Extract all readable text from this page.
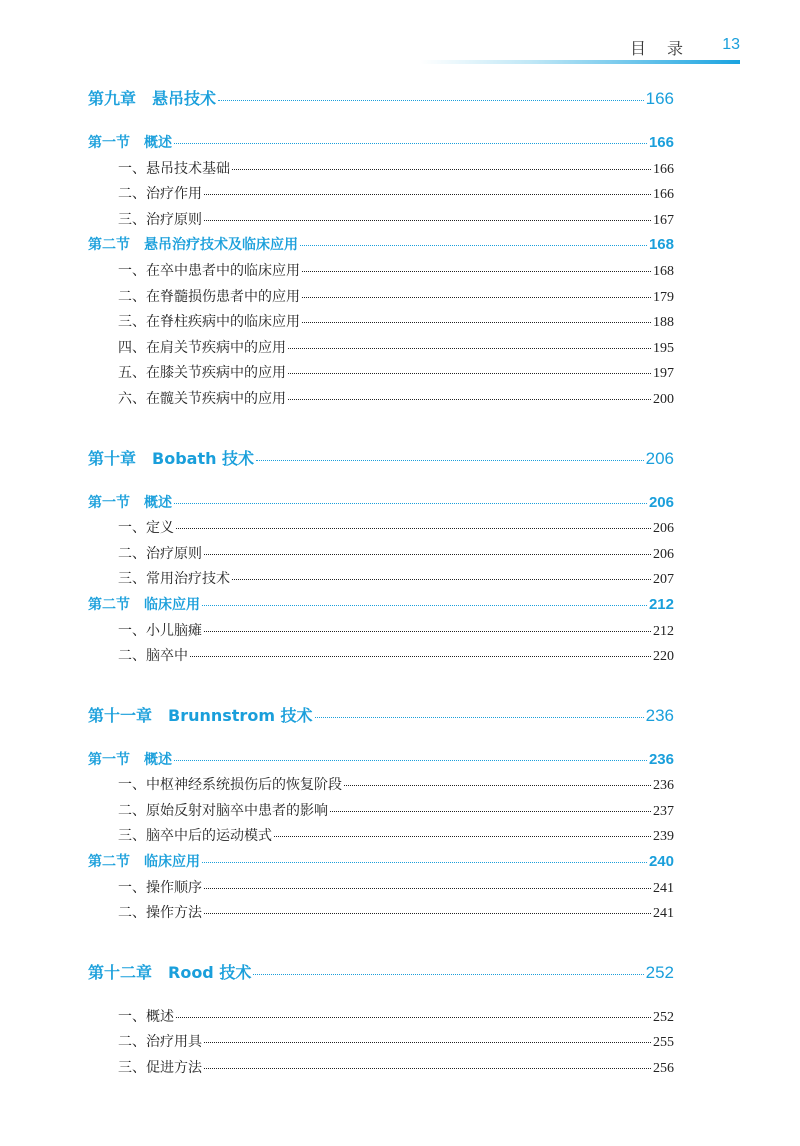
目 录 13
第九章　悬吊技术	166
第一节　概述	166
一、悬吊技术基础	166
二、治疗作用	166
三、治疗原则	167
第二节　悬吊治疗技术及临床应用	168
一、在卒中患者中的临床应用	168
二、在脊髓损伤患者中的应用	179
三、在脊柱疾病中的临床应用	188
四、在肩关节疾病中的应用	195
五、在膝关节疾病中的应用	197
六、在髋关节疾病中的应用	200
第十章　Bobath 技术	206
第一节　概述	206
一、定义	206
二、治疗原则	206
三、常用治疗技术	207
第二节　临床应用	212
一、小儿脑瘫	212
二、脑卒中	220
第十一章　Brunnstrom 技术	236
第一节　概述	236
一、中枢神经系统损伤后的恢复阶段	236
二、原始反射对脑卒中患者的影响	237
三、脑卒中后的运动模式	239
第二节　临床应用	240
一、操作顺序	241
二、操作方法	241
第十二章　Rood 技术	252
一、概述	252
二、治疗用具	255
三、促进方法	256
